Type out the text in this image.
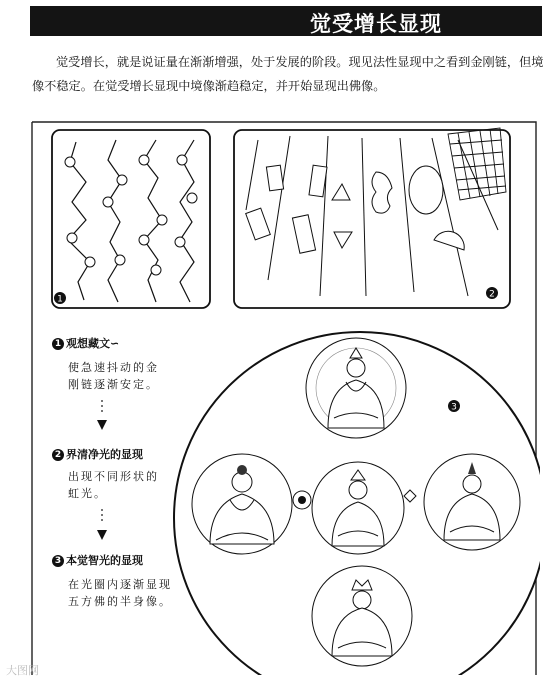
觉受增长显现
觉受增长，就是说证量在渐渐增强，处于发展的阶段。现见法性显现中之看到金刚链，但境像不稳定。在觉受增长显现中境像渐趋稳定，并开始显现出佛像。
1	2
3
1 观想藏文∽
使急速抖动的金
刚链逐渐安定。
2 界清净光的显现
出现不同形状的
虹光。
3 本觉智光的显现
在光圈内逐渐显现
五方佛的半身像。
大图网
